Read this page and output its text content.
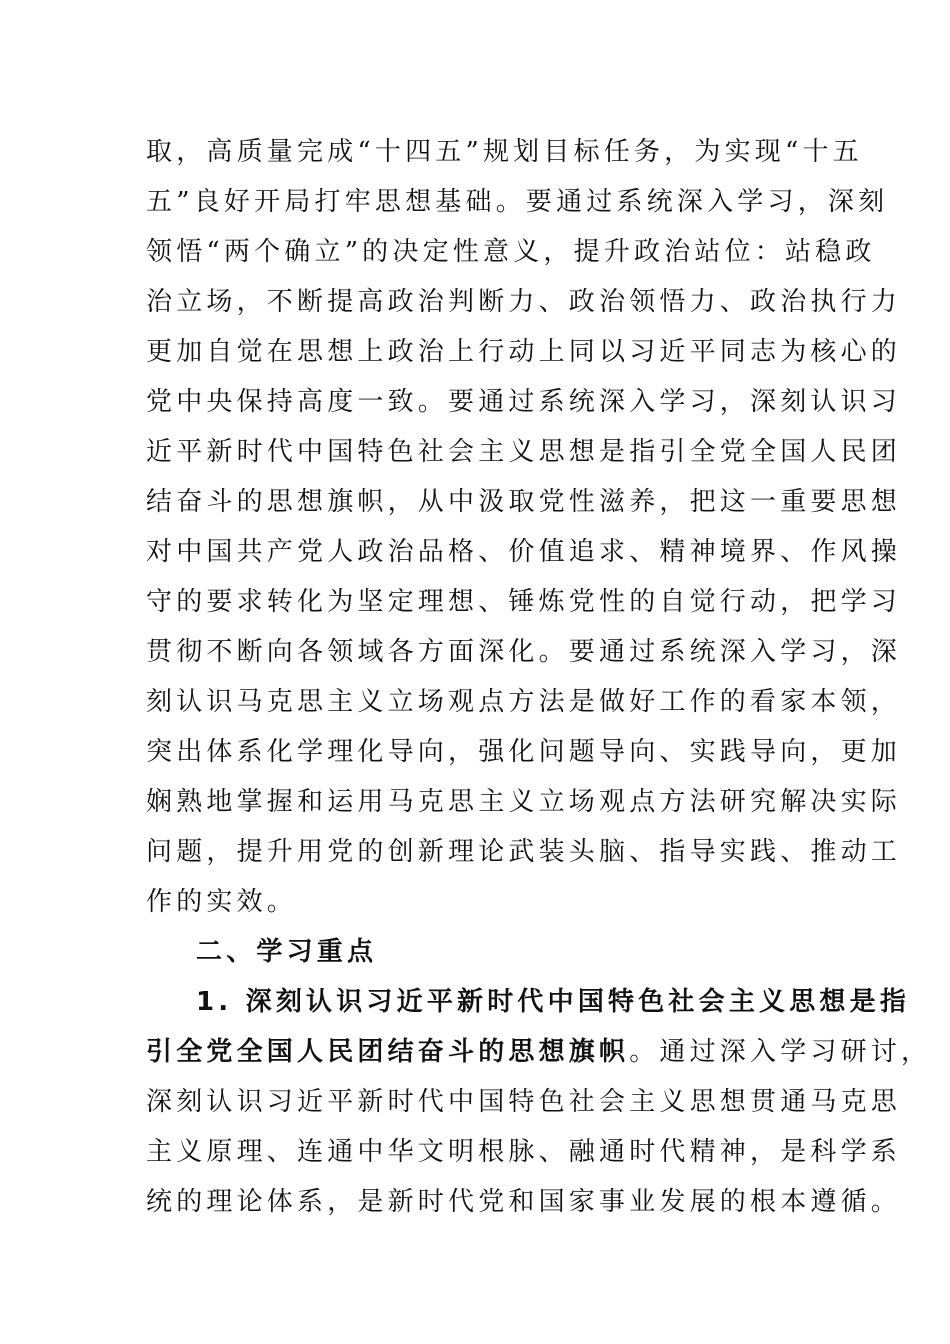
取，高质量完成“十四五”规划目标任务，为实现“十五
五”良好开局打牢思想基础。要通过系统深入学习，深刻
领悟“两个确立”的决定性意义，提升政治站位：站稳政
治立场，不断提高政治判断力、政治领悟力、政治执行力
更加自觉在思想上政治上行动上同以习近平同志为核心的
党中央保持高度一致。要通过系统深入学习，深刻认识习
近平新时代中国特色社会主义思想是指引全党全国人民团
结奋斗的思想旗帜，从中汲取党性滋养，把这一重要思想
对中国共产党人政治品格、价值追求、精神境界、作风操
守的要求转化为坚定理想、锤炼党性的自觉行动，把学习
贯彻不断向各领域各方面深化。要通过系统深入学习，深
刻认识马克思主义立场观点方法是做好工作的看家本领，
突出体系化学理化导向，强化问题导向、实践导向，更加
娴熟地掌握和运用马克思主义立场观点方法研究解决实际
问题，提升用党的创新理论武装头脑、指导实践、推动工
作的实效。
二、学习重点
1. 深刻认识习近平新时代中国特色社会主义思想是指
引全党全国人民团结奋斗的思想旗帜。通过深入学习研讨，
深刻认识习近平新时代中国特色社会主义思想贯通马克思
主义原理、连通中华文明根脉、融通时代精神，是科学系
统的理论体系，是新时代党和国家事业发展的根本遵循。
